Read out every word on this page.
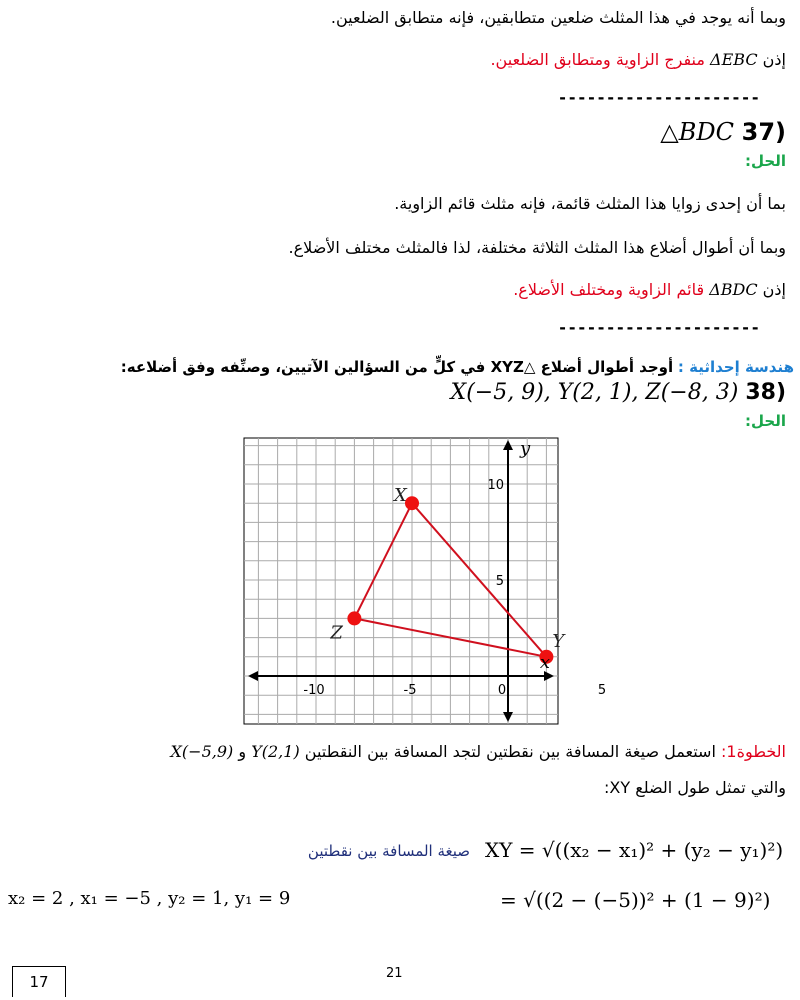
وبما أنه يوجد في هذا المثلث ضلعين متطابقين، فإنه متطابق الضلعين.
إذن ΔEBC منفرج الزاوية ومتطابق الضلعين.
---------------------
(37 △BDC
الحل:
بما أن إحدى زوايا هذا المثلث قائمة، فإنه مثلث قائم الزاوية.
وبما أن أطوال أضلاع هذا المثلث الثلاثة مختلفة، لذا فالمثلث مختلف الأضلاع.
إذن ΔBDC قائم الزاوية ومختلف الأضلاع.
---------------------
هندسة إحداثية : أوجد أطوال أضلاع △XYZ في كلٍّ من السؤالين الآتيين، وصنِّفه وفق أضلاعه:
(38 X(−5, 9), Y(2, 1), Z(−8, 3)
الحل:
-10	-5	0	5
10
5
x
y
X
Y
Z
الخطوة1: استعمل صيغة المسافة بين نقطتين لتجد المسافة بين النقطتين Y(2,1) و X(−5,9)
والتي تمثل طول الضلع XY:
XY = √((x₂ − x₁)² + (y₂ − y₁)²)
صيغة المسافة بين نقطتين
= √((2 − (−5))² + (1 − 9)²)
x₂ = 2 , x₁ = −5 , y₂ = 1, y₁ = 9
21
17
